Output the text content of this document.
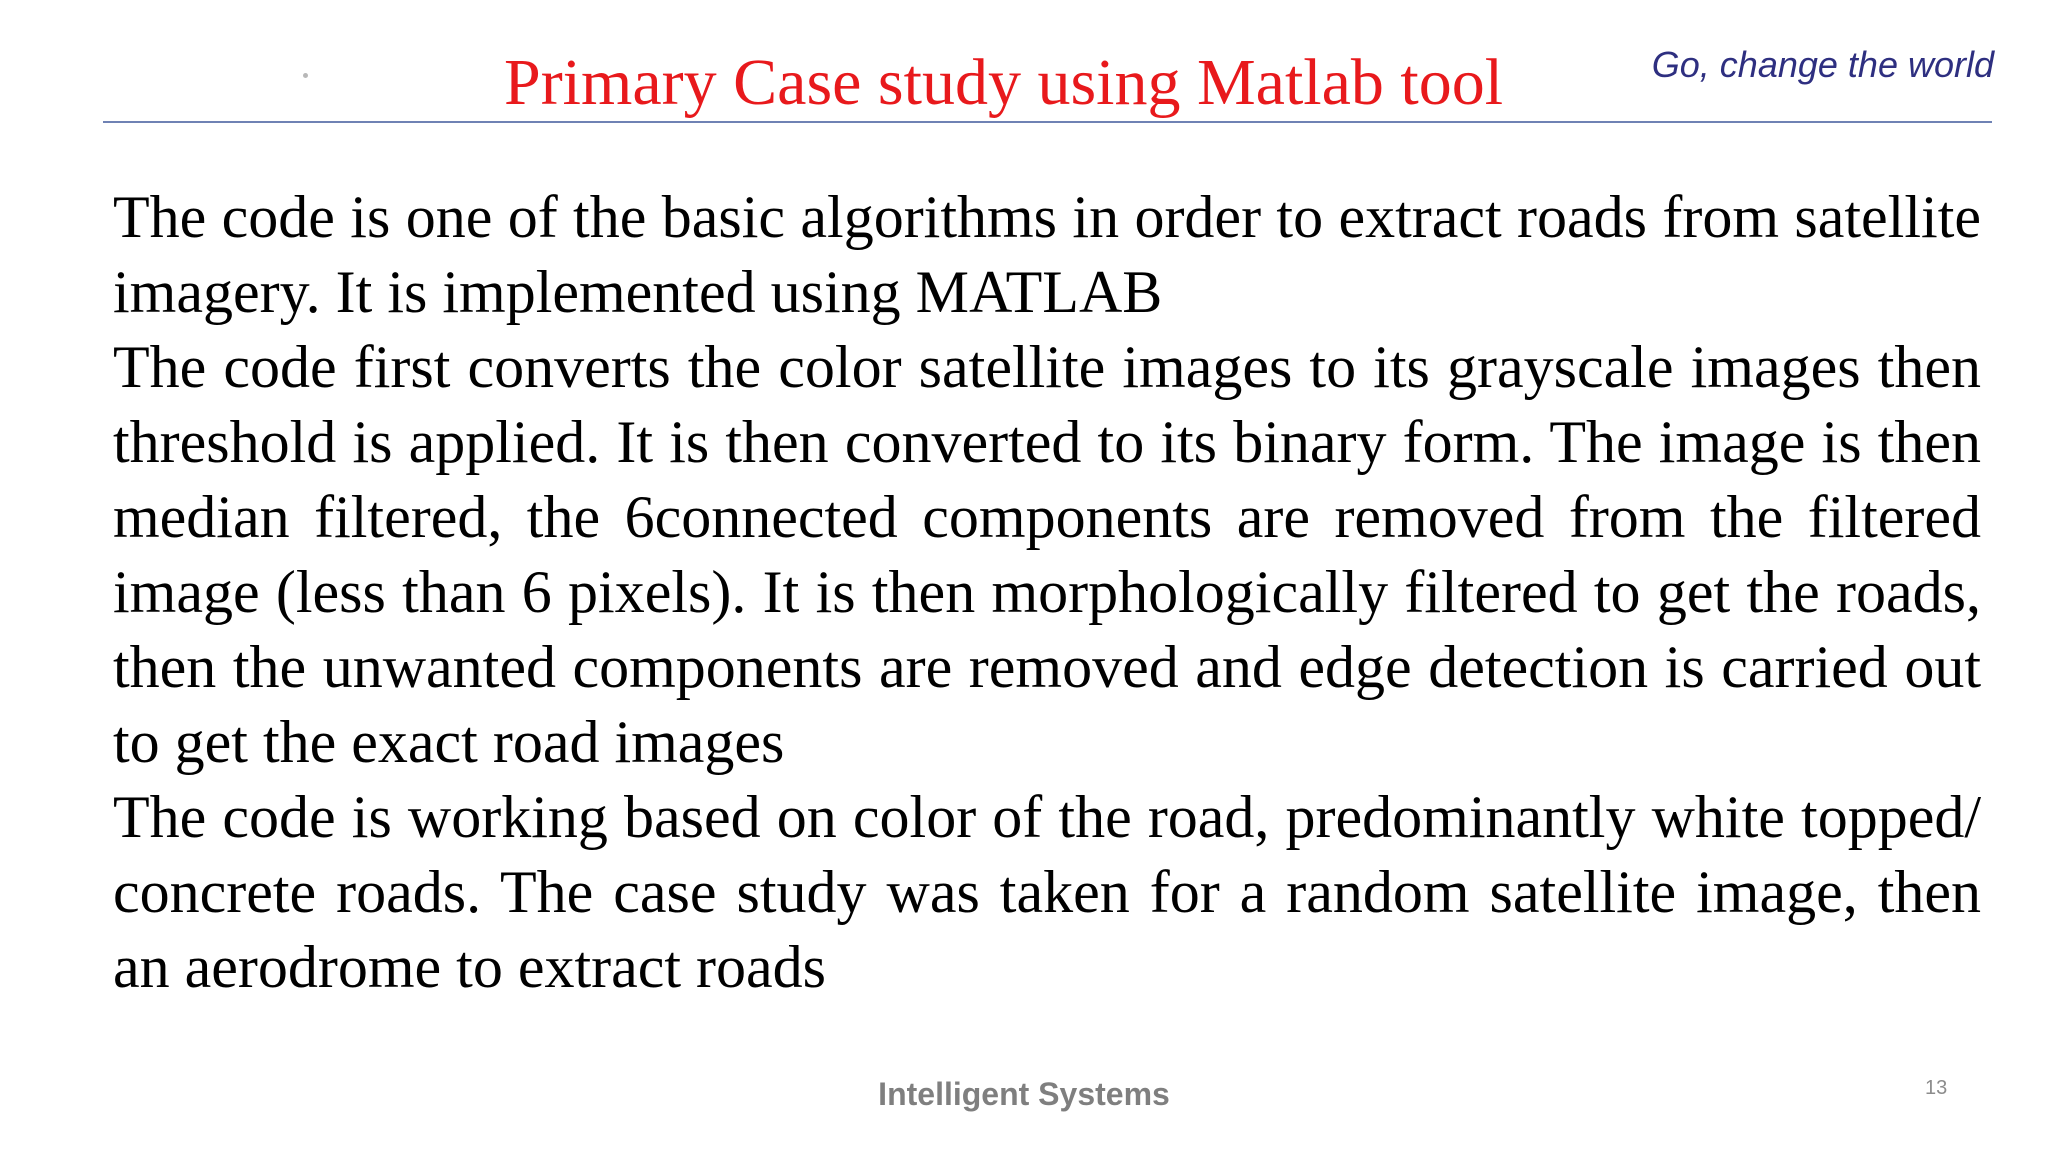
Primary Case study using Matlab tool	Go, change the world

The code is one of the basic algorithms in order to extract roads from satellite imagery. It is implemented using MATLAB

The code first converts the color satellite images to its grayscale images then threshold is applied. It is then converted to its binary form. The image is then median filtered, the 6connected components are removed from the filtered image (less than 6 pixels). It is then morphologically filtered to get the roads, then the unwanted components are removed and edge detection is carried out to get the exact road images

The code is working based on color of the road, predominantly white topped/ concrete roads. The case study was taken for a random satellite image, then an aerodrome to extract roads

Intelligent Systems	13
